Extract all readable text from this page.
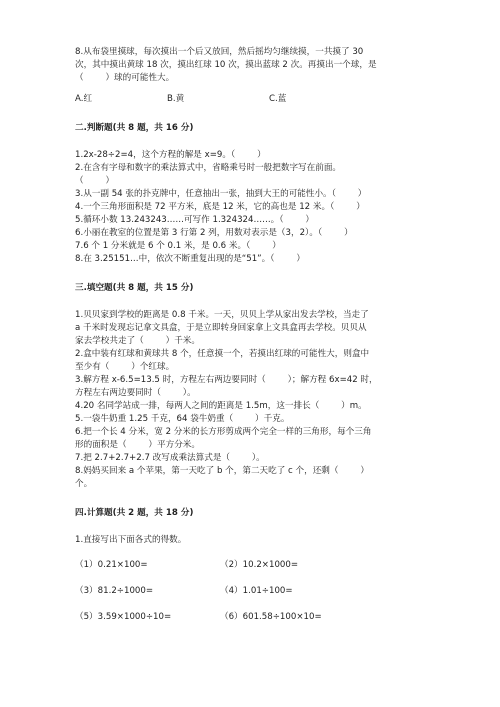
8.从布袋里摸球，每次摸出一个后又放回，然后摇均匀继续摸，一共摸了 30
次，其中摸出黄球 18 次，摸出红球 10 次，摸出蓝球 2 次。再摸出一个球，是
（        ）球的可能性大。
A.红	B.黄	C.蓝
二.判断题(共 8 题，共 16 分)
1.2x-28÷2=4，这个方程的解是 x=9。（        ）
2.在含有字母和数字的乘法算式中，省略乘号时一般把数字写在前面。
（        ）
3.从一副 54 张的扑克牌中，任意抽出一张，抽到大王的可能性小。（        ）
4.一个三角形面积是 72 平方米，底是 12 米，它的高也是 12 米。（        ）
5.循环小数 13.243243……可写作 1.324324……。（        ）
6.小丽在教室的位置是第 3 行第 2 列，用数对表示是（3，2）。（        ）
7.6 个 1 分米就是 6 个 0.1 米，是 0.6 米。（        ）
8.在 3.25151…中，依次不断重复出现的是“51”。（        ）
三.填空题(共 8 题，共 15 分)
1.贝贝家到学校的距离是 0.8 千米。一天，贝贝上学从家出发去学校，当走了
a 千米时发现忘记拿文具盒，于是立即转身回家拿上文具盒再去学校。贝贝从
家去学校共走了（        ）千米。
2.盒中装有红球和黄球共 8 个，任意摸一个，若摸出红球的可能性大，则盒中
至少有（        ）个红球。
3.解方程 x-6.5=13.5 时，方程左右两边要同时（        ）；解方程 6x=42 时，
方程左右两边要同时（        ）。
4.20 名同学站成一排，每两人之间的距离是 1.5m，这一排长（        ）m。
5.一袋牛奶重 1.25 千克，64 袋牛奶重（        ）千克。
6.把一个长 4 分米，宽 2 分米的长方形剪成两个完全一样的三角形，每个三角
形的面积是（        ）平方分米。
7.把 2.7+2.7+2.7 改写成乘法算式是（        ）。
8.妈妈买回来 a 个苹果，第一天吃了 b 个，第二天吃了 c 个，还剩（        ）
个。
四.计算题(共 2 题，共 18 分)
1.直接写出下面各式的得数。
（1）0.21×100=	（2）10.2×1000=
（3）81.2÷1000=	（4）1.01÷100=
（5）3.59×1000÷10=	（6）601.58÷100×10=
